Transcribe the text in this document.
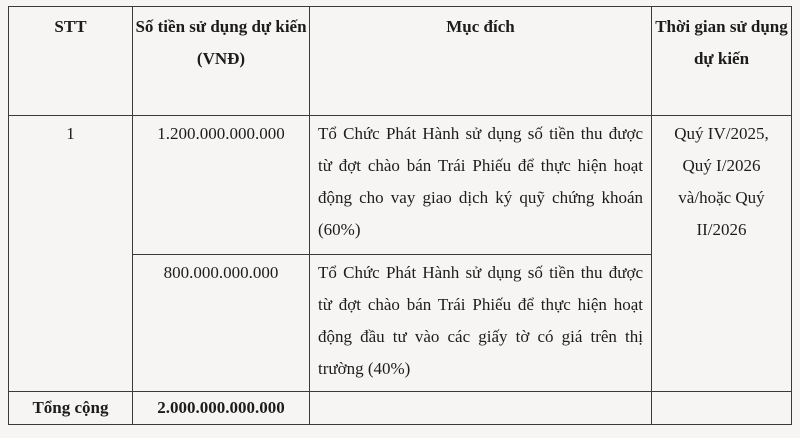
STT	Số tiền sử dụng dự kiến (VNĐ)	Mục đích	Thời gian sử dụng dự kiến
1	1.200.000.000.000	Tổ Chức Phát Hành sử dụng số tiền thu được từ đợt chào bán Trái Phiếu để thực hiện hoạt động cho vay giao dịch ký quỹ chứng khoán (60%)	Quý IV/2025, Quý I/2026 và/hoặc Quý II/2026
	800.000.000.000	Tổ Chức Phát Hành sử dụng số tiền thu được từ đợt chào bán Trái Phiếu để thực hiện hoạt động đầu tư vào các giấy tờ có giá trên thị trường (40%)	
Tổng cộng	2.000.000.000.000		
